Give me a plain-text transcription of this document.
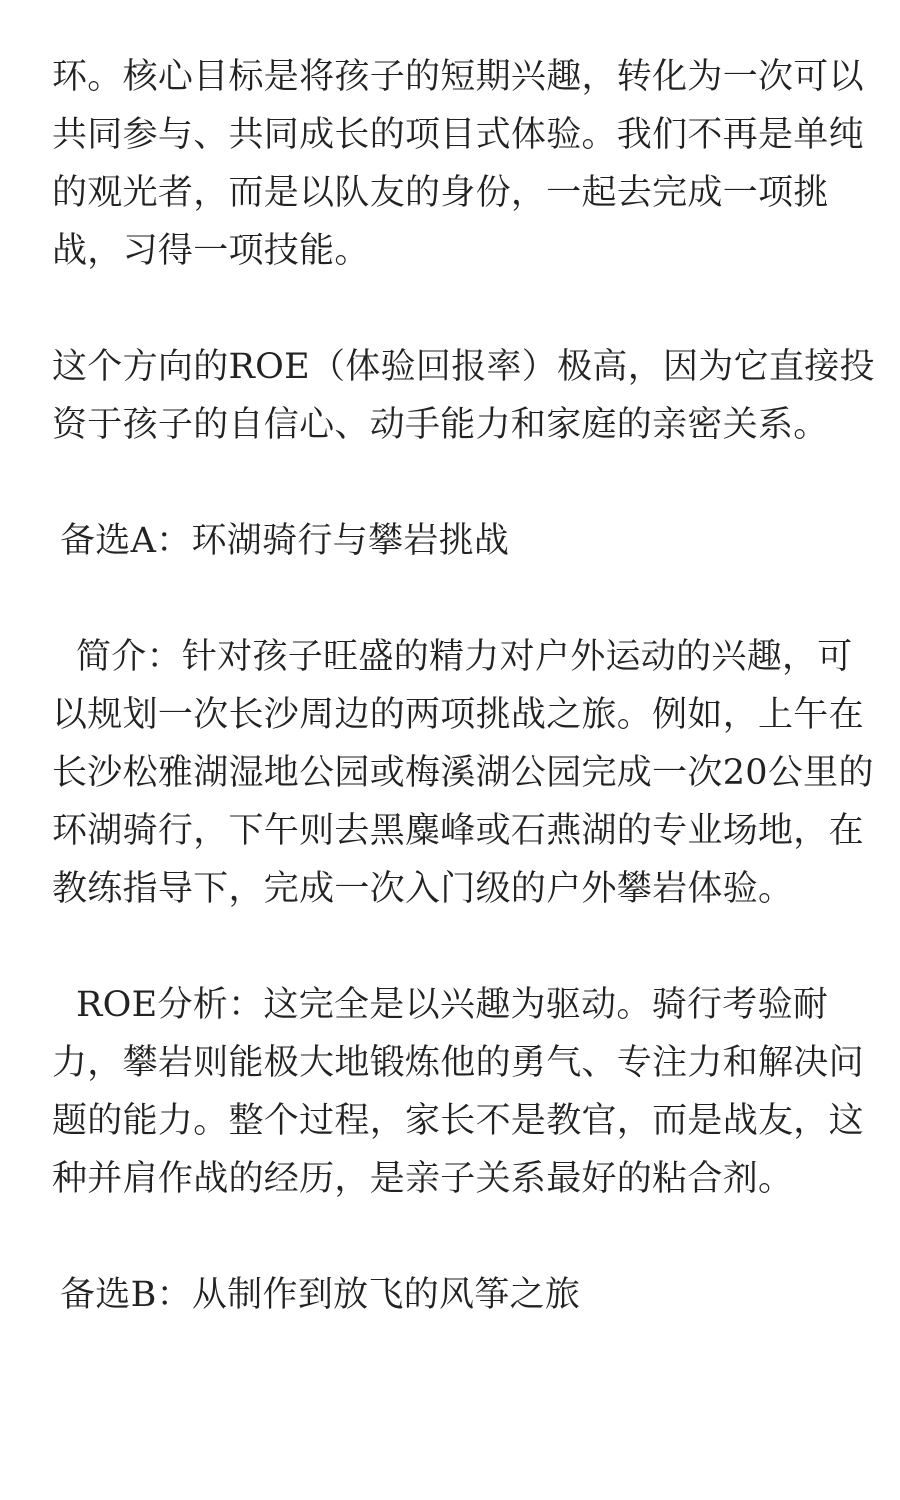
环。核心目标是将孩子的短期兴趣，转化为一次可以
共同参与、共同成长的项目式体验。我们不再是单纯
的观光者，而是以队友的身份，一起去完成一项挑
战，习得一项技能。
这个方向的ROE（体验回报率）极高，因为它直接投
资于孩子的自信心、动手能力和家庭的亲密关系。
备选A：环湖骑行与攀岩挑战
简介：针对孩子旺盛的精力对户外运动的兴趣，可
以规划一次长沙周边的两项挑战之旅。例如，上午在
长沙松雅湖湿地公园或梅溪湖公园完成一次20公里的
环湖骑行，下午则去黑麋峰或石燕湖的专业场地，在
教练指导下，完成一次入门级的户外攀岩体验。
ROE分析：这完全是以兴趣为驱动。骑行考验耐
力，攀岩则能极大地锻炼他的勇气、专注力和解决问
题的能力。整个过程，家长不是教官，而是战友，这
种并肩作战的经历，是亲子关系最好的粘合剂。
备选B：从制作到放飞的风筝之旅
